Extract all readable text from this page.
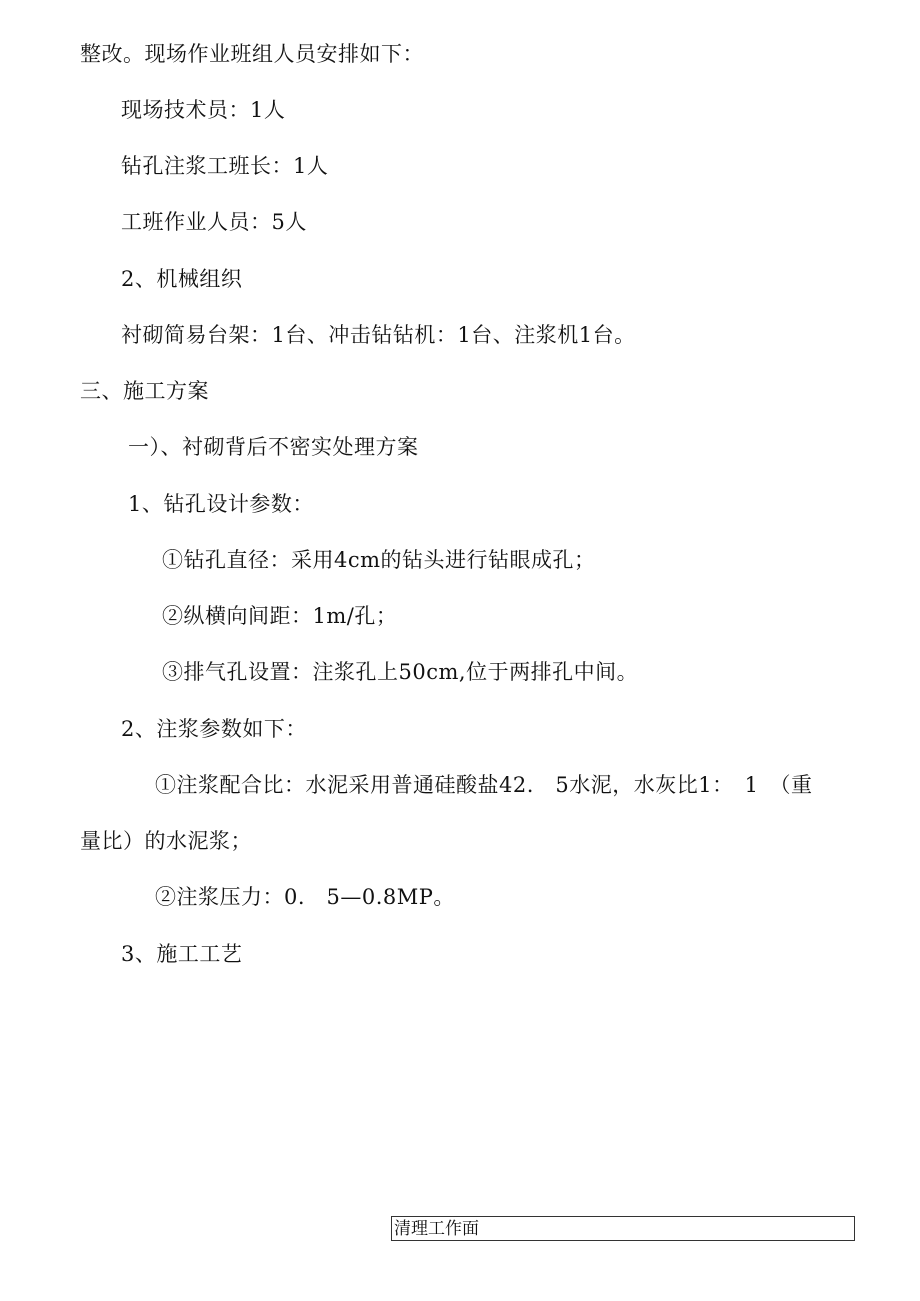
整改。现场作业班组人员安排如下：
现场技术员：1人
钻孔注浆工班长：1人
工班作业人员：5人
2、机械组织
衬砌简易台架：1台、冲击钻钻机：1台、注浆机1台。
三、施工方案
一）、衬砌背后不密实处理方案
1、钻孔设计参数：
①钻孔直径：采用4cm的钻头进行钻眼成孔；
②纵横向间距：1m/孔；
③排气孔设置：注浆孔上50cm,位于两排孔中间。
2、注浆参数如下：
①注浆配合比：水泥采用普通硅酸盐42.　5水泥，水灰比1：　1　（重
量比）的水泥浆；
②注浆压力：0.　5—0.8MP。
3、施工工艺
清理工作面
